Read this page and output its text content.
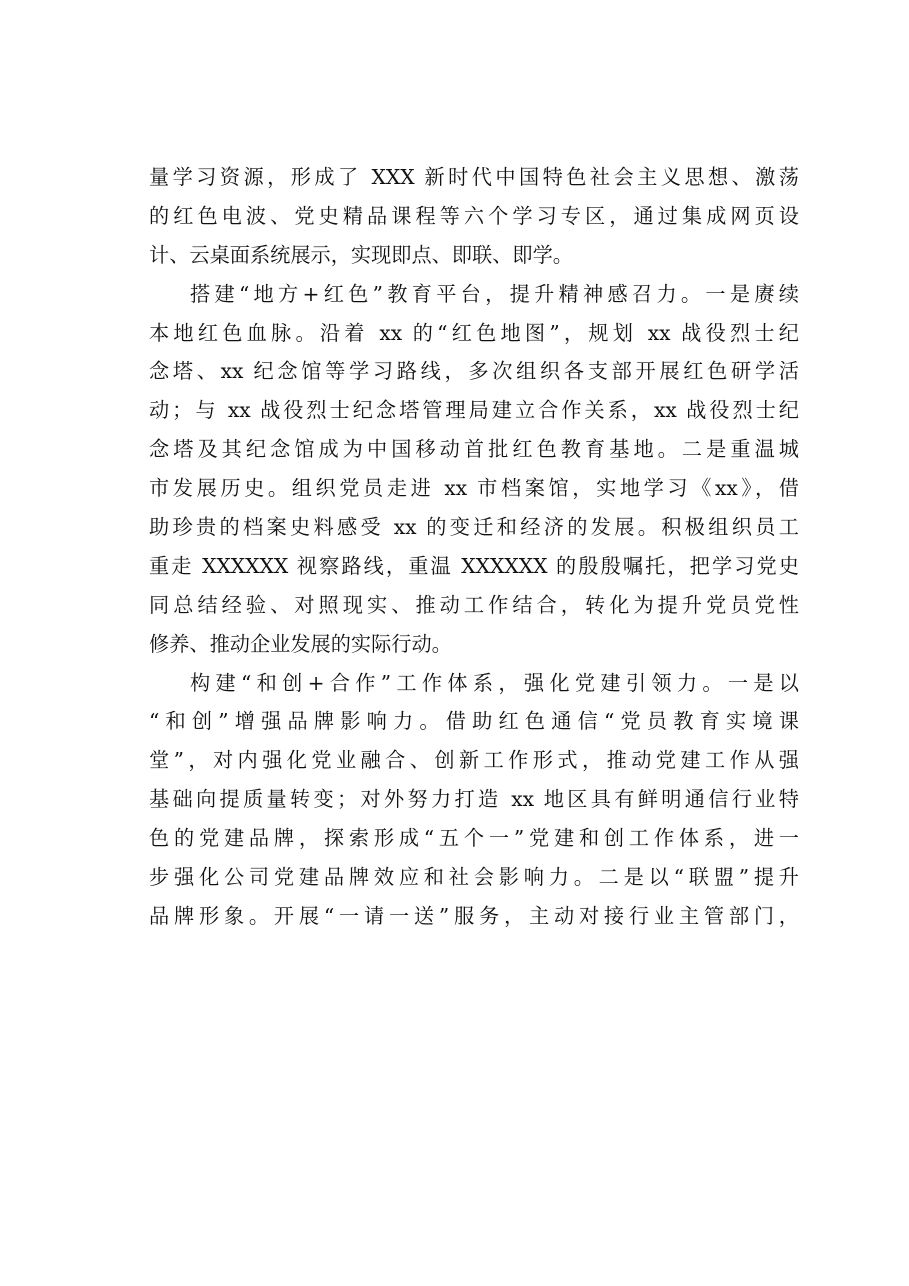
量学习资源，形成了 XXX 新时代中国特色社会主义思想、激荡
的红色电波、党史精品课程等六个学习专区，通过集成网页设
计、云桌面系统展示，实现即点、即联、即学。
搭建“地方+红色”教育平台，提升精神感召力。一是赓续
本地红色血脉。沿着 xx 的“红色地图”，规划 xx 战役烈士纪
念塔、xx 纪念馆等学习路线，多次组织各支部开展红色研学活
动；与 xx 战役烈士纪念塔管理局建立合作关系，xx 战役烈士纪
念塔及其纪念馆成为中国移动首批红色教育基地。二是重温城
市发展历史。组织党员走进 xx 市档案馆，实地学习《xx》，借
助珍贵的档案史料感受 xx 的变迁和经济的发展。积极组织员工
重走 XXXXXX 视察路线，重温 XXXXXX 的殷殷嘱托，把学习党史
同总结经验、对照现实、推动工作结合，转化为提升党员党性
修养、推动企业发展的实际行动。
构建“和创+合作”工作体系，强化党建引领力。一是以
“和创”增强品牌影响力。借助红色通信“党员教育实境课
堂”，对内强化党业融合、创新工作形式，推动党建工作从强
基础向提质量转变；对外努力打造 xx 地区具有鲜明通信行业特
色的党建品牌，探索形成“五个一”党建和创工作体系，进一
步强化公司党建品牌效应和社会影响力。二是以“联盟”提升
品牌形象。开展“一请一送”服务，主动对接行业主管部门，
